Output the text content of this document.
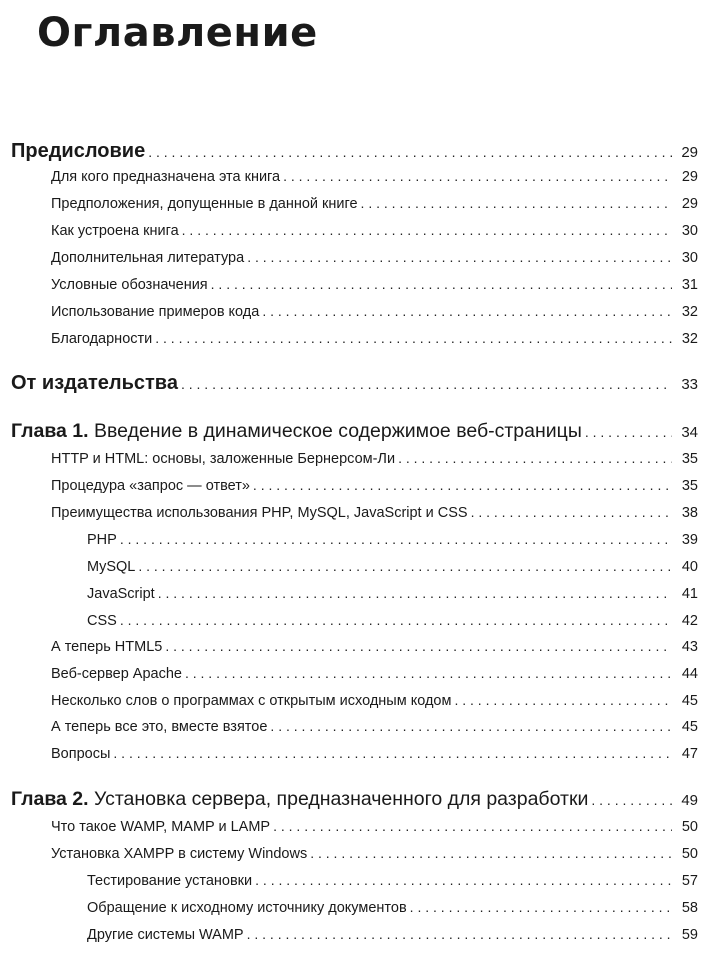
Оглавление
Предисловие . . .	29
Для кого предназначена эта книга . . .	29
Предположения, допущенные в данной книге . . .	29
Как устроена книга . . .	30
Дополнительная литература . . .	30
Условные обозначения . . .	31
Использование примеров кода . . .	32
Благодарности . . .	32
От издательства . . .	33
Глава 1. Введение в динамическое содержимое веб-страницы . . .	34
HTTP и HTML: основы, заложенные Бернерсом-Ли . . .	35
Процедура «запрос — ответ» . . .	35
Преимущества использования PHP, MySQL, JavaScript и CSS . . .	38
PHP . . .	39
MySQL . . .	40
JavaScript . . .	41
CSS . . .	42
А теперь HTML5 . . .	43
Веб-сервер Apache . . .	44
Несколько слов о программах с открытым исходным кодом . . .	45
А теперь все это, вместе взятое . . .	45
Вопросы . . .	47
Глава 2. Установка сервера, предназначенного для разработки . . .	49
Что такое WAMP, MAMP и LAMP . . .	50
Установка XAMPP в систему Windows . . .	50
Тестирование установки . . .	57
Обращение к исходному источнику документов . . .	58
Другие системы WAMP . . .	59
